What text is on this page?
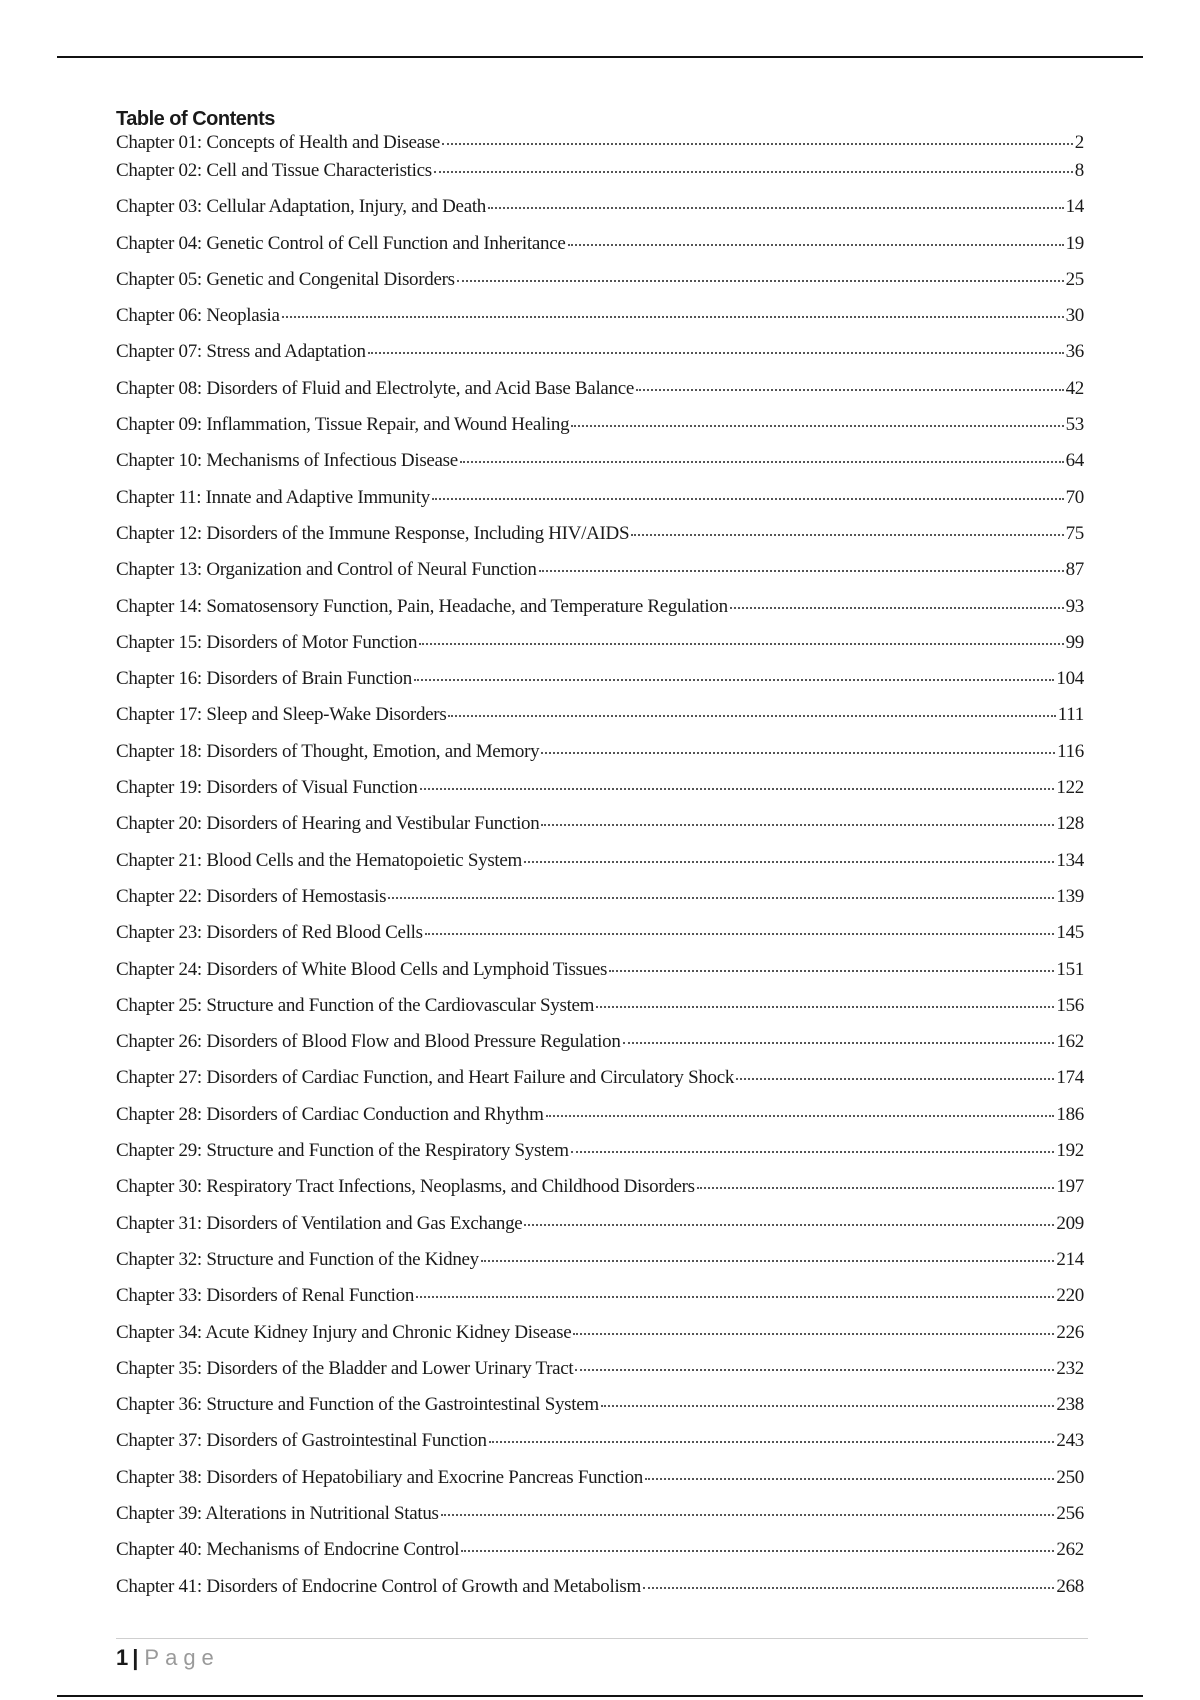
Table of Contents
Chapter 01: Concepts of Health and Disease	2
Chapter 02: Cell and Tissue Characteristics	8
Chapter 03: Cellular Adaptation, Injury, and Death	14
Chapter 04: Genetic Control of Cell Function and Inheritance	19
Chapter 05: Genetic and Congenital Disorders	25
Chapter 06: Neoplasia	30
Chapter 07: Stress and Adaptation	36
Chapter 08: Disorders of Fluid and Electrolyte, and Acid Base Balance	42
Chapter 09: Inflammation, Tissue Repair, and Wound Healing	53
Chapter 10: Mechanisms of Infectious Disease	64
Chapter 11: Innate and Adaptive Immunity	70
Chapter 12: Disorders of the Immune Response, Including HIV/AIDS	75
Chapter 13: Organization and Control of Neural Function	87
Chapter 14: Somatosensory Function, Pain, Headache, and Temperature Regulation	93
Chapter 15: Disorders of Motor Function	99
Chapter 16: Disorders of Brain Function	104
Chapter 17: Sleep and Sleep-Wake Disorders	111
Chapter 18: Disorders of Thought, Emotion, and Memory	116
Chapter 19: Disorders of Visual Function	122
Chapter 20: Disorders of Hearing and Vestibular Function	128
Chapter 21: Blood Cells and the Hematopoietic System	134
Chapter 22: Disorders of Hemostasis	139
Chapter 23: Disorders of Red Blood Cells	145
Chapter 24: Disorders of White Blood Cells and Lymphoid Tissues	151
Chapter 25: Structure and Function of the Cardiovascular System	156
Chapter 26: Disorders of Blood Flow and Blood Pressure Regulation	162
Chapter 27: Disorders of Cardiac Function, and Heart Failure and Circulatory Shock	174
Chapter 28: Disorders of Cardiac Conduction and Rhythm	186
Chapter 29: Structure and Function of the Respiratory System	192
Chapter 30: Respiratory Tract Infections, Neoplasms, and Childhood Disorders	197
Chapter 31: Disorders of Ventilation and Gas Exchange	209
Chapter 32: Structure and Function of the Kidney	214
Chapter 33: Disorders of Renal Function	220
Chapter 34: Acute Kidney Injury and Chronic Kidney Disease	226
Chapter 35: Disorders of the Bladder and Lower Urinary Tract	232
Chapter 36: Structure and Function of the Gastrointestinal System	238
Chapter 37: Disorders of Gastrointestinal Function	243
Chapter 38: Disorders of Hepatobiliary and Exocrine Pancreas Function	250
Chapter 39: Alterations in Nutritional Status	256
Chapter 40: Mechanisms of Endocrine Control	262
Chapter 41: Disorders of Endocrine Control of Growth and Metabolism	268
1 | Page
